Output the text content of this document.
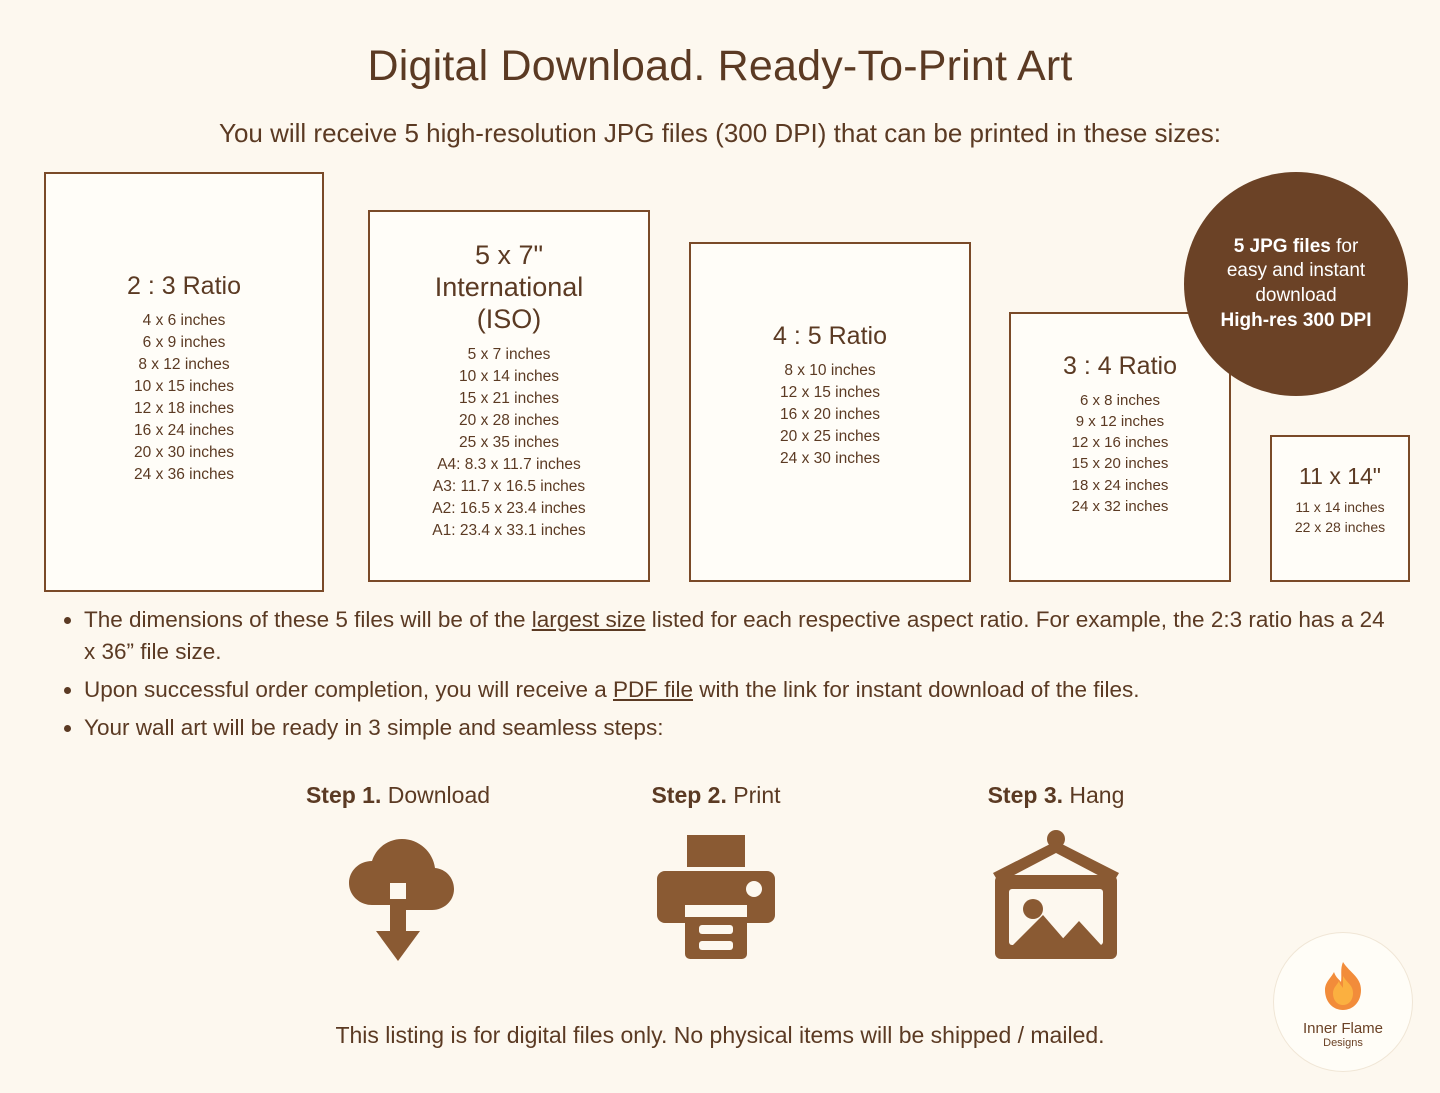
Digital Download. Ready-To-Print Art
You will receive 5 high-resolution JPG files (300 DPI) that can be printed in these sizes:
2 : 3 Ratio
4 x 6 inches
6 x 9 inches
8 x 12 inches
10 x 15 inches
12 x 18 inches
16 x 24 inches
20 x 30 inches
24 x 36 inches
5 x 7"
International
(ISO)
5 x 7 inches
10 x 14 inches
15 x 21 inches
20 x 28 inches
25 x 35 inches
A4: 8.3 x 11.7 inches
A3: 11.7 x 16.5 inches
A2: 16.5 x 23.4 inches
A1: 23.4 x 33.1 inches
4 : 5 Ratio
8 x 10 inches
12 x 15 inches
16 x 20 inches
20 x 25 inches
24 x 30 inches
3 : 4 Ratio
6 x 8 inches
9 x 12 inches
12 x 16 inches
15 x 20 inches
18 x 24 inches
24 x 32 inches
11 x 14"
11 x 14 inches
22 x 28 inches
5 JPG files for
easy and instant
download
High-res 300 DPI
• The dimensions of these 5 files will be of the largest size listed for each respective aspect ratio. For example, the 2:3 ratio has a 24 x 36” file size.
• Upon successful order completion, you will receive a PDF file with the link for instant download of the files.
• Your wall art will be ready in 3 simple and seamless steps:
Step 1. Download	Step 2. Print	Step 3. Hang
This listing is for digital files only. No physical items will be shipped / mailed.	Inner Flame
Designs
